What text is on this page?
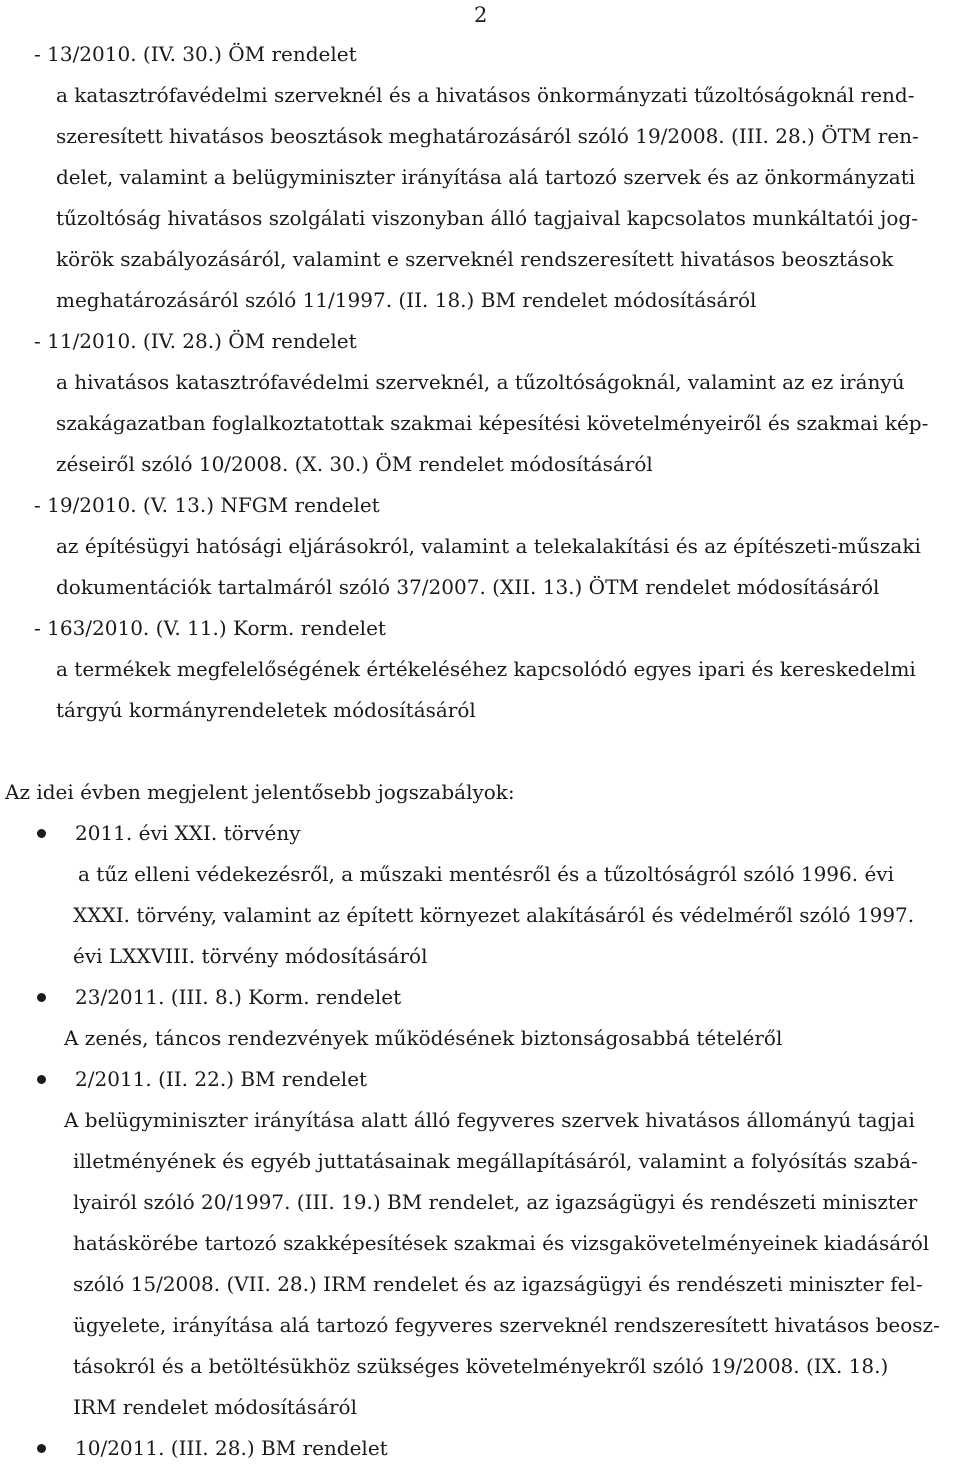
2
- 13/2010. (IV. 30.) ÖM rendelet
a katasztrófavédelmi szerveknél és a hivatásos önkormányzati tűzoltóságoknál rend-
szeresített hivatásos beosztások meghatározásáról szóló 19/2008. (III. 28.) ÖTM ren-
delet, valamint a belügyminiszter irányítása alá tartozó szervek és az önkormányzati
tűzoltóság hivatásos szolgálati viszonyban álló tagjaival kapcsolatos munkáltatói jog-
körök szabályozásáról, valamint e szerveknél rendszeresített hivatásos beosztások
meghatározásáról szóló 11/1997. (II. 18.) BM rendelet módosításáról
- 11/2010. (IV. 28.) ÖM rendelet
a hivatásos katasztrófavédelmi szerveknél, a tűzoltóságoknál, valamint az ez irányú
szakágazatban foglalkoztatottak szakmai képesítési követelményeiről és szakmai kép-
zéseiről szóló 10/2008. (X. 30.) ÖM rendelet módosításáról
- 19/2010. (V. 13.) NFGM rendelet
az építésügyi hatósági eljárásokról, valamint a telekalakítási és az építészeti-műszaki
dokumentációk tartalmáról szóló 37/2007. (XII. 13.) ÖTM rendelet módosításáról
- 163/2010. (V. 11.) Korm. rendelet
a termékek megfelelőségének értékeléséhez kapcsolódó egyes ipari és kereskedelmi
tárgyú kormányrendeletek módosításáról
Az idei évben megjelent jelentősebb jogszabályok:
2011. évi XXI. törvény
a tűz elleni védekezésről, a műszaki mentésről és a tűzoltóságról szóló 1996. évi
XXXI. törvény, valamint az épített környezet alakításáról és védelméről szóló 1997.
évi LXXVIII. törvény módosításáról
23/2011. (III. 8.) Korm. rendelet
A zenés, táncos rendezvények működésének biztonságosabbá tételéről
2/2011. (II. 22.) BM rendelet
A belügyminiszter irányítása alatt álló fegyveres szervek hivatásos állományú tagjai
illetményének és egyéb juttatásainak megállapításáról, valamint a folyósítás szabá-
lyairól szóló 20/1997. (III. 19.) BM rendelet, az igazságügyi és rendészeti miniszter
hatáskörébe tartozó szakképesítések szakmai és vizsgakövetelményeinek kiadásáról
szóló 15/2008. (VII. 28.) IRM rendelet és az igazságügyi és rendészeti miniszter fel-
ügyelete, irányítása alá tartozó fegyveres szerveknél rendszeresített hivatásos beosz-
tásokról és a betöltésükhöz szükséges követelményekről szóló 19/2008. (IX. 18.)
IRM rendelet módosításáról
10/2011. (III. 28.) BM rendelet
